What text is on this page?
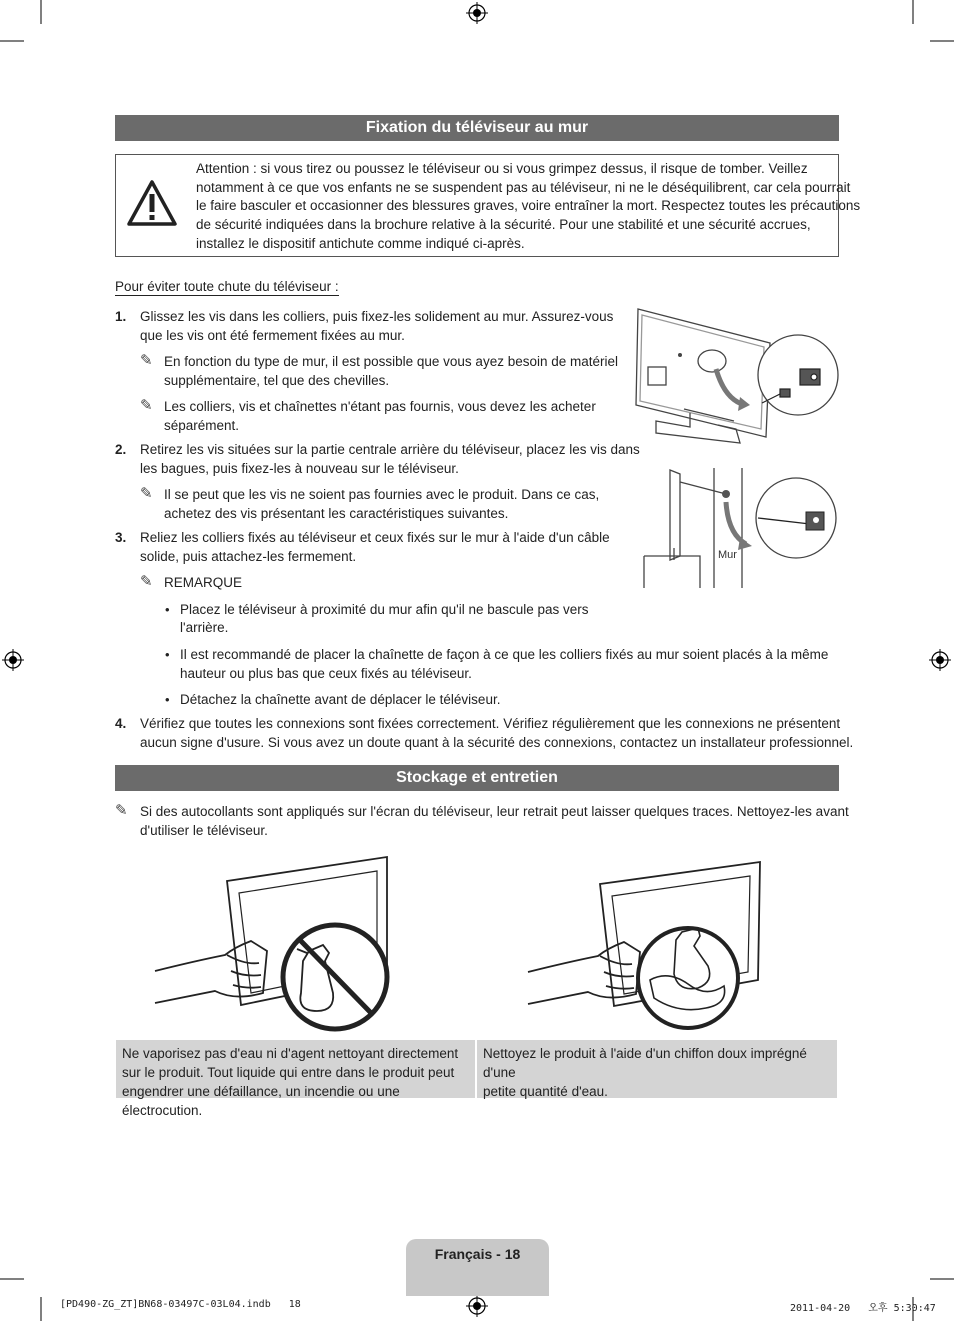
Fixation du téléviseur au mur
Attention : si vous tirez ou poussez le téléviseur ou si vous grimpez dessus, il risque de tomber. Veillez
notamment à ce que vos enfants ne se suspendent pas au téléviseur, ni ne le déséquilibrent, car cela pourrait
le faire basculer et occasionner des blessures graves, voire entraîner la mort. Respectez toutes les précautions
de sécurité indiquées dans la brochure relative à la sécurité. Pour une stabilité et une sécurité accrues,
installez le dispositif antichute comme indiqué ci-après.
Pour éviter toute chute du téléviseur :
1. Glissez les vis dans les colliers, puis fixez-les solidement au mur. Assurez-vous
que les vis ont été fermement fixées au mur.
✎ En fonction du type de mur, il est possible que vous ayez besoin de matériel
supplémentaire, tel que des chevilles.
✎ Les colliers, vis et chaînettes n'étant pas fournis, vous devez les acheter
séparément.
2. Retirez les vis situées sur la partie centrale arrière du téléviseur, placez les vis dans
les bagues, puis fixez-les à nouveau sur le téléviseur.
✎ Il se peut que les vis ne soient pas fournies avec le produit. Dans ce cas,
achetez des vis présentant les caractéristiques suivantes.
3. Reliez les colliers fixés au téléviseur et ceux fixés sur le mur à l'aide d'un câble
solide, puis attachez-les fermement.
✎ REMARQUE
• Placez le téléviseur à proximité du mur afin qu'il ne bascule pas vers
l'arrière.
• Il est recommandé de placer la chaînette de façon à ce que les colliers fixés au mur soient placés à la même
hauteur ou plus bas que ceux fixés au téléviseur.
• Détachez la chaînette avant de déplacer le téléviseur.
4. Vérifiez que toutes les connexions sont fixées correctement. Vérifiez régulièrement que les connexions ne présentent
aucun signe d'usure. Si vous avez un doute quant à la sécurité des connexions, contactez un installateur professionnel.
Mur
Stockage et entretien
✎ Si des autocollants sont appliqués sur l'écran du téléviseur, leur retrait peut laisser quelques traces. Nettoyez-les avant
d'utiliser le téléviseur.
Ne vaporisez pas d'eau ni d'agent nettoyant directement
sur le produit. Tout liquide qui entre dans le produit peut
engendrer une défaillance, un incendie ou une électrocution.
Nettoyez le produit à l'aide d'un chiffon doux imprégné d'une
petite quantité d'eau.
Français - 18
[PD490-ZG_ZT]BN68-03497C-03L04.indb   18	2011-04-20   오후 5:30:47
